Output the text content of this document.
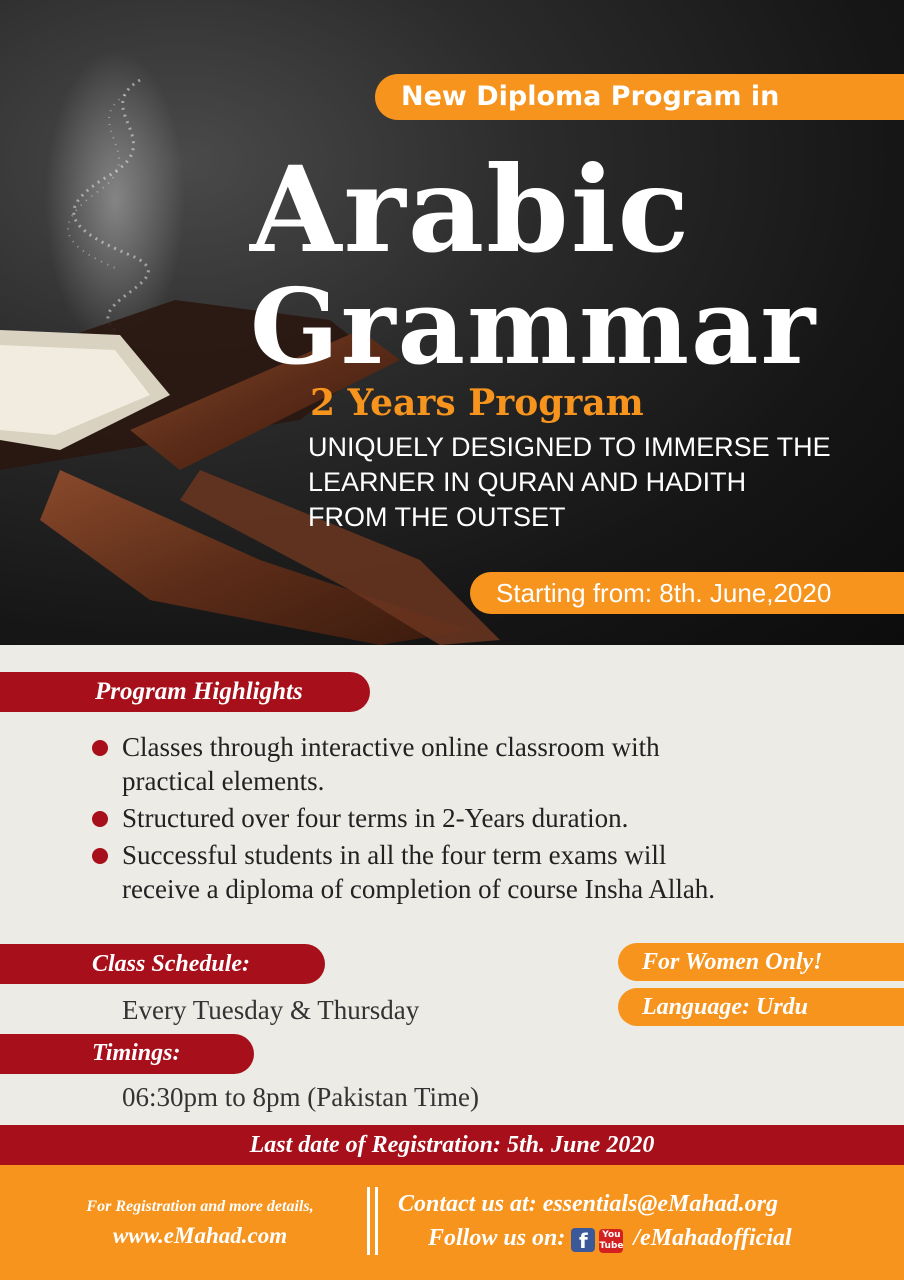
New Diploma Program in
Arabic
Grammar
2 Years Program
UNIQUELY DESIGNED TO IMMERSE THE
LEARNER IN QURAN AND HADITH
FROM THE OUTSET
Starting from: 8th. June,2020
Program Highlights
Classes through interactive online classroom with
practical elements.
Structured over four terms in 2-Years duration.
Successful students in all the four term exams will
receive a diploma of completion of course Insha Allah.
Class Schedule:
Every Tuesday & Thursday
Timings:
06:30pm to 8pm (Pakistan Time)
For Women Only!
Language: Urdu
Last date of Registration: 5th. June 2020
For Registration and more details,
www.eMahad.com
Contact us at: essentials@eMahad.org
Follow us on: f You
Tube /eMahadofficial
